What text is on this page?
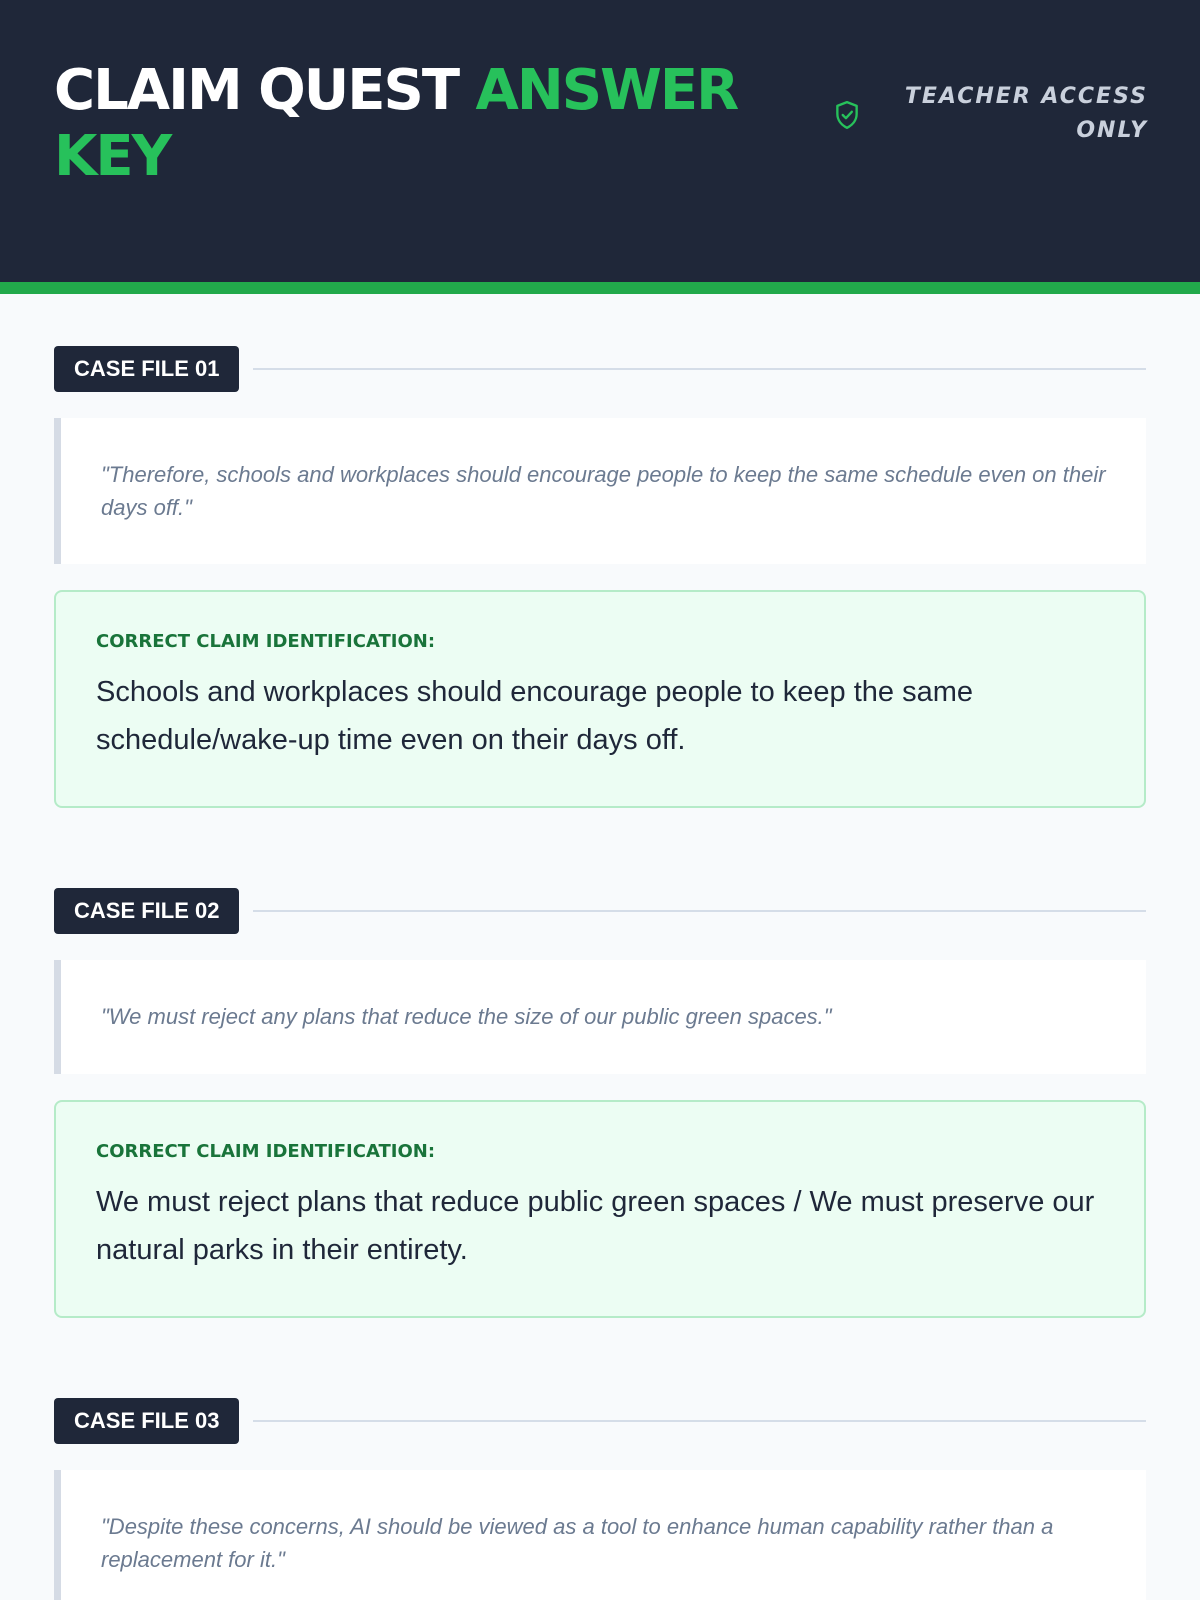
CLAIM QUEST ANSWER KEY
TEACHER ACCESS ONLY
CASE FILE 01
"Therefore, schools and workplaces should encourage people to keep the same schedule even on their days off."
CORRECT CLAIM IDENTIFICATION:
Schools and workplaces should encourage people to keep the same schedule/wake-up time even on their days off.
CASE FILE 02
"We must reject any plans that reduce the size of our public green spaces."
CORRECT CLAIM IDENTIFICATION:
We must reject plans that reduce public green spaces / We must preserve our natural parks in their entirety.
CASE FILE 03
"Despite these concerns, AI should be viewed as a tool to enhance human capability rather than a replacement for it."
